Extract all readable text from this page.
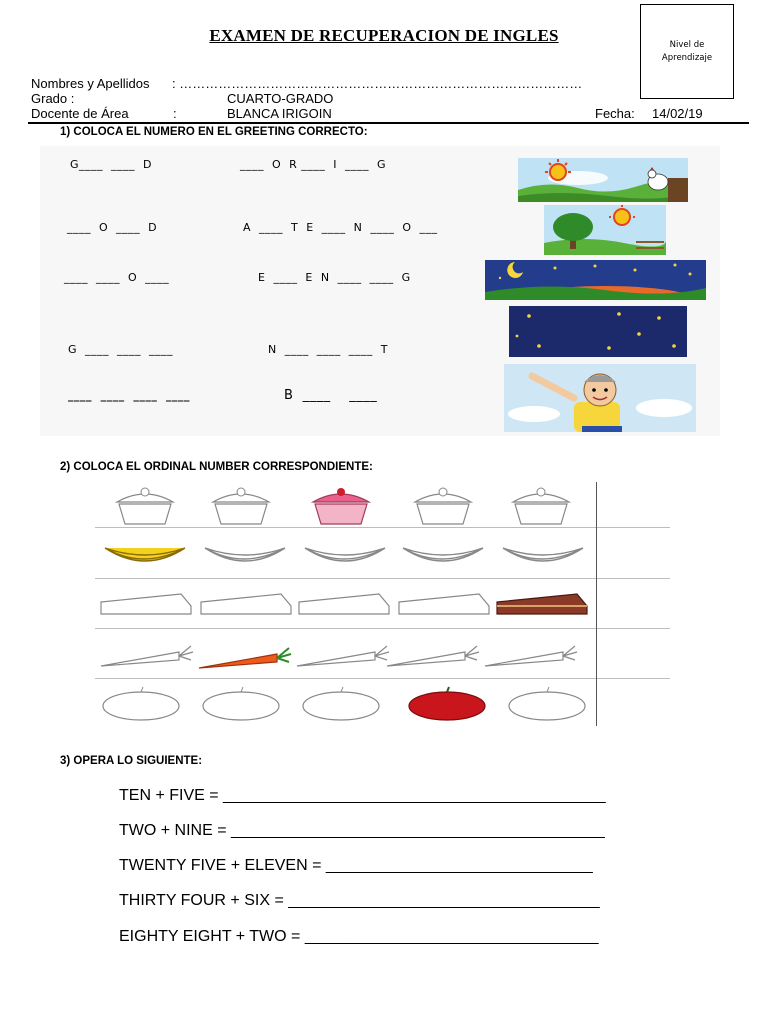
EXAMEN DE RECUPERACION DE INGLES	Nivel de
Aprendizaje
Nombres y Apellidos : …………………………………………………………………………………
Grado :	CUARTO-GRADO
Docente de Área	:	BLANCA IRIGOIN	Fecha: 14/02/19
1) COLOCA EL NUMERO EN EL GREETING CORRECTO:
G____  ____  D	____  O  R ____  I  ____  G
____  O  ____  D	A  ____  T  E  ____  N  ____  O  ___
____  ____  O  ____	E  ____  E  N  ____  ____  G
G  ____  ____  ____	N  ____  ____  ____  T
____  ____  ____  ____	B  ____    ____
2) COLOCA EL ORDINAL NUMBER CORRESPONDIENTE:
3) OPERA LO SIGUIENTE:
TEN + FIVE = ___________________________________________
TWO + NINE = __________________________________________
TWENTY FIVE + ELEVEN = ______________________________
THIRTY FOUR + SIX = ___________________________________
EIGHTY EIGHT + TWO = _________________________________
